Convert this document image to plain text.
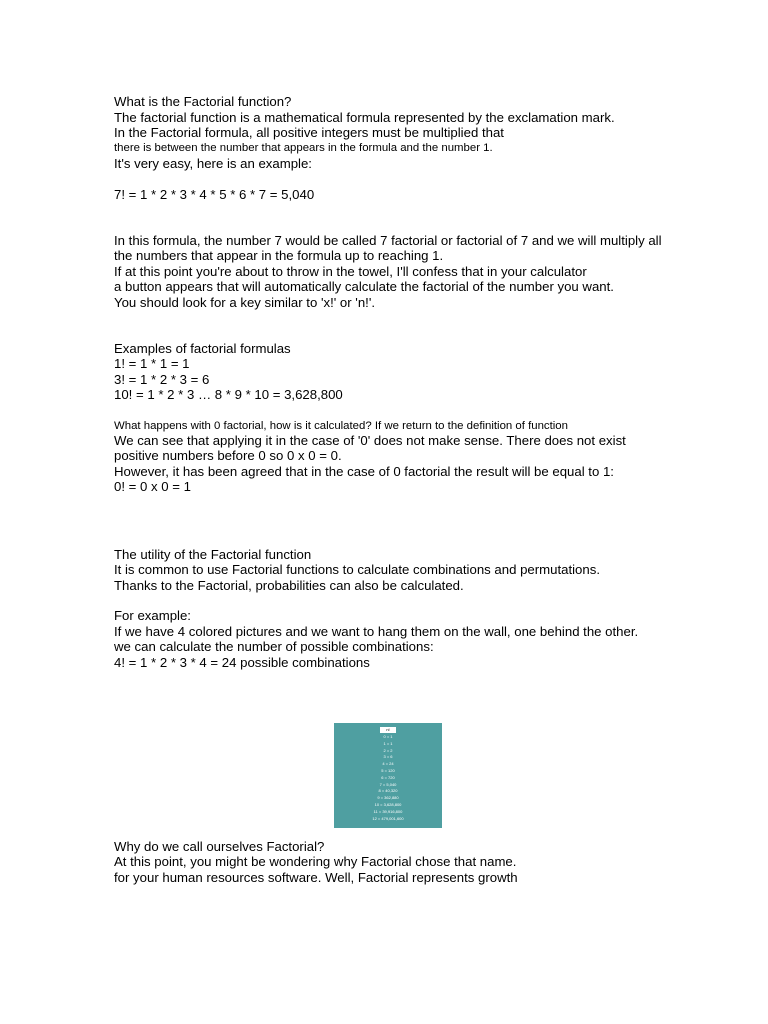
What is the Factorial function?
The factorial function is a mathematical formula represented by the exclamation mark.
In the Factorial formula, all positive integers must be multiplied that
there is between the number that appears in the formula and the number 1.
It's very easy, here is an example:
7! = 1 * 2 * 3 * 4 * 5 * 6 * 7 = 5,040
In this formula, the number 7 would be called 7 factorial or factorial of 7 and we will multiply all
the numbers that appear in the formula up to reaching 1.
If at this point you're about to throw in the towel, I'll confess that in your calculator
a button appears that will automatically calculate the factorial of the number you want.
You should look for a key similar to 'x!' or 'n!'.
Examples of factorial formulas
1! = 1 * 1 = 1
3! = 1 * 2 * 3 = 6
10! = 1 * 2 * 3 … 8 * 9 * 10 = 3,628,800
What happens with 0 factorial, how is it calculated? If we return to the definition of function
We can see that applying it in the case of '0' does not make sense. There does not exist
positive numbers before 0 so 0 x 0 = 0.
However, it has been agreed that in the case of 0 factorial the result will be equal to 1:
0! = 0 x 0 = 1
The utility of the Factorial function
It is common to use Factorial functions to calculate combinations and permutations.
Thanks to the Factorial, probabilities can also be calculated.
For example:
If we have 4 colored pictures and we want to hang them on the wall, one behind the other.
we can calculate the number of possible combinations:
4! = 1 * 2 * 3 * 4 = 24 possible combinations
n!
0 = 1
1 = 1
2 = 2
3 = 6
4 = 24
5 = 120
6 = 720
7 = 5,040
8 = 40,320
9 = 362,880
10 = 3,628,800
11 = 39,916,800
12 = 479,001,600
Why do we call ourselves Factorial?
At this point, you might be wondering why Factorial chose that name.
for your human resources software. Well, Factorial represents growth
